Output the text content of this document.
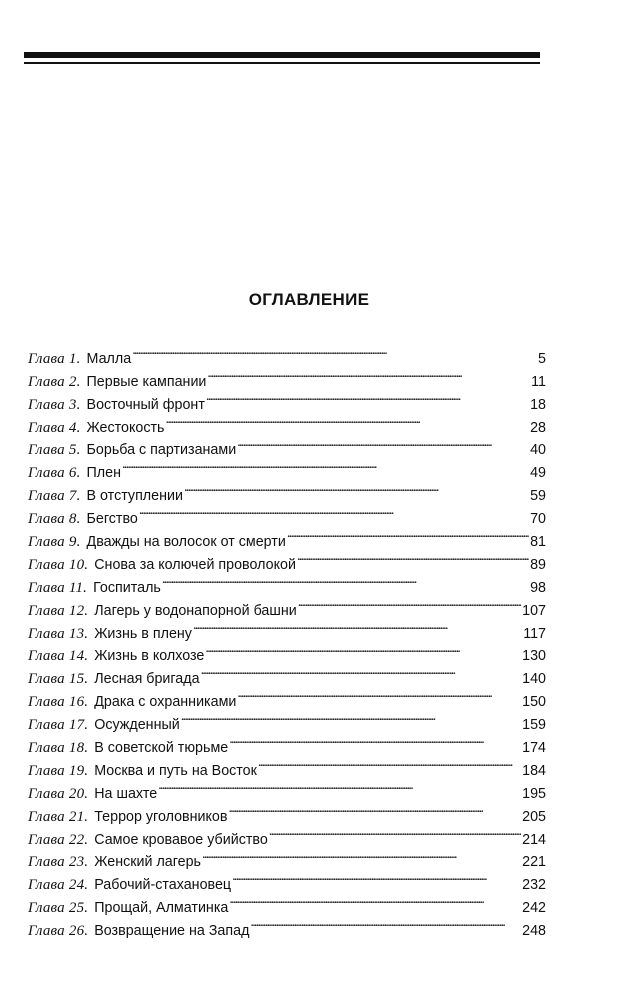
ОГЛАВЛЕНИЕ
Глава 1. Малла . . .	5
Глава 2. Первые кампании . . .	11
Глава 3. Восточный фронт . . .	18
Глава 4. Жестокость . . .	28
Глава 5. Борьба с партизанами . . .	40
Глава 6. Плен . . .	49
Глава 7. В отступлении . . .	59
Глава 8. Бегство . . .	70
Глава 9. Дважды на волосок от смерти . . .	81
Глава 10. Снова за колючей проволокой . . .	89
Глава 11. Госпиталь . . .	98
Глава 12. Лагерь у водонапорной башни . . .	107
Глава 13. Жизнь в плену . . .	117
Глава 14. Жизнь в колхозе . . .	130
Глава 15. Лесная бригада . . .	140
Глава 16. Драка с охранниками . . .	150
Глава 17. Осужденный . . .	159
Глава 18. В советской тюрьме . . .	174
Глава 19. Москва и путь на Восток . . .	184
Глава 20. На шахте . . .	195
Глава 21. Террор уголовников . . .	205
Глава 22. Самое кровавое убийство . . .	214
Глава 23. Женский лагерь . . .	221
Глава 24. Рабочий-стахановец . . .	232
Глава 25. Прощай, Алматинка . . .	242
Глава 26. Возвращение на Запад . . .	248
